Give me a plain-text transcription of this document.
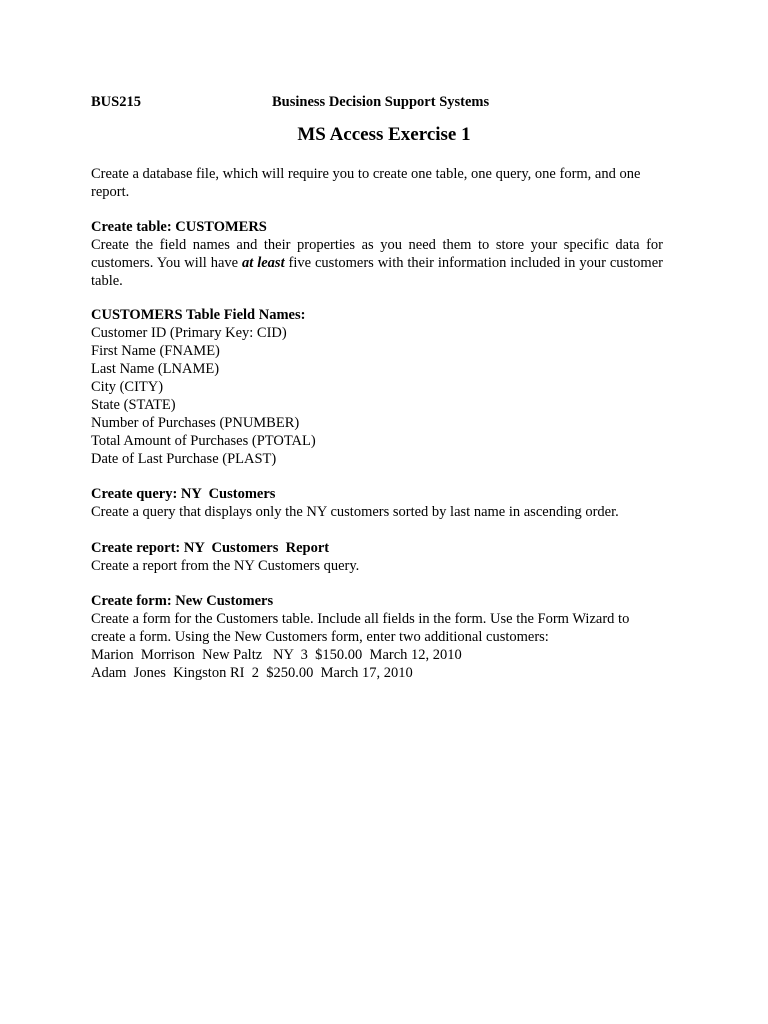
BUS215	Business Decision Support Systems
MS Access Exercise 1
Create a database file, which will require you to create one table, one query, one form, and one report.
Create table: CUSTOMERS
Create the field names and their properties as you need them to store your specific data for customers. You will have at least five customers with their information included in your customer table.
CUSTOMERS Table Field Names:
Customer ID (Primary Key: CID)
First Name (FNAME)
Last Name (LNAME)
City (CITY)
State (STATE)
Number of Purchases (PNUMBER)
Total Amount of Purchases (PTOTAL)
Date of Last Purchase (PLAST)
Create query: NY  Customers
Create a query that displays only the NY customers sorted by last name in ascending order.
Create report: NY  Customers  Report
Create a report from the NY Customers query.
Create form: New Customers
Create a form for the Customers table. Include all fields in the form. Use the Form Wizard to create a form. Using the New Customers form, enter two additional customers:
Marion  Morrison  New Paltz   NY  3  $150.00  March 12, 2010
Adam  Jones  Kingston RI  2  $250.00  March 17, 2010
